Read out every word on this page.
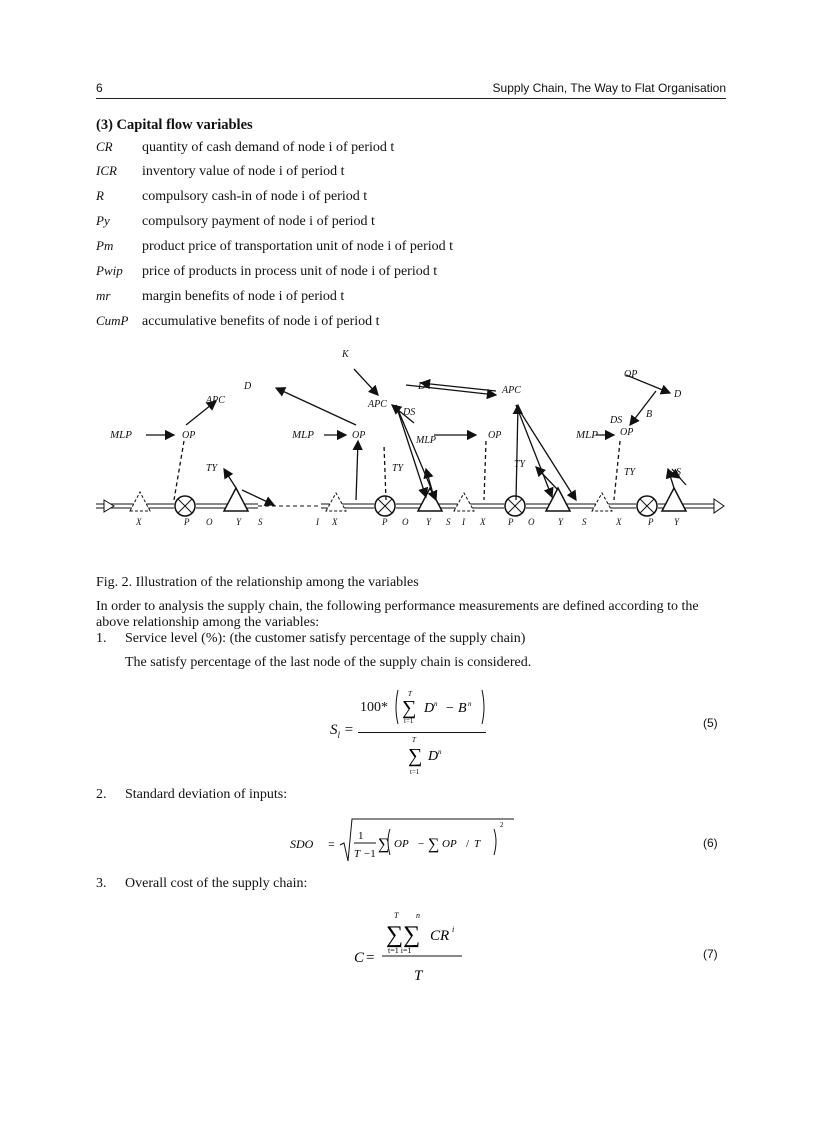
6	Supply Chain, The Way to Flat Organisation
(3) Capital flow variables
CR quantity of cash demand of node i of period t
ICR inventory value of node i of period t
R	compulsory cash-in of node i of period t
Py compulsory payment of node i of period t
Pm product price of transportation unit of node i of period t
Pwip price of products in process unit of node i of period t
mr margin benefits of node i of period t
CumP accumulative benefits of node i of period t
K
D	D
D
APC	APC
APC
DS
DS
B
OP
MLP	OP	MLP	OP	MLP	OP	MLP OP
TY	TY	TY
TY	S
X	P O	Y S	I X	P O Y S I X	P O	Y S	X	P Y
Fig. 2. Illustration of the relationship among the variables
In order to analysis the supply chain, the following performance measurements are defined according to the above relationship among the variables:
1. Service level (%): (the customer satisfy percentage of the supply chain)
The satisfy percentage of the last node of the supply chain is considered.
$S_l$ =
100*
T
∑
t=1
D n − B n
T
∑
t=1
D n
(5)
2. Standard deviation of inputs:
SDO =
1
T −1
∑ OP − ∑ OP / T
2
(6)
3. Overall cost of the supply chain:
C =
T n
∑∑ CR i
t=1 i=1
T
(7)
